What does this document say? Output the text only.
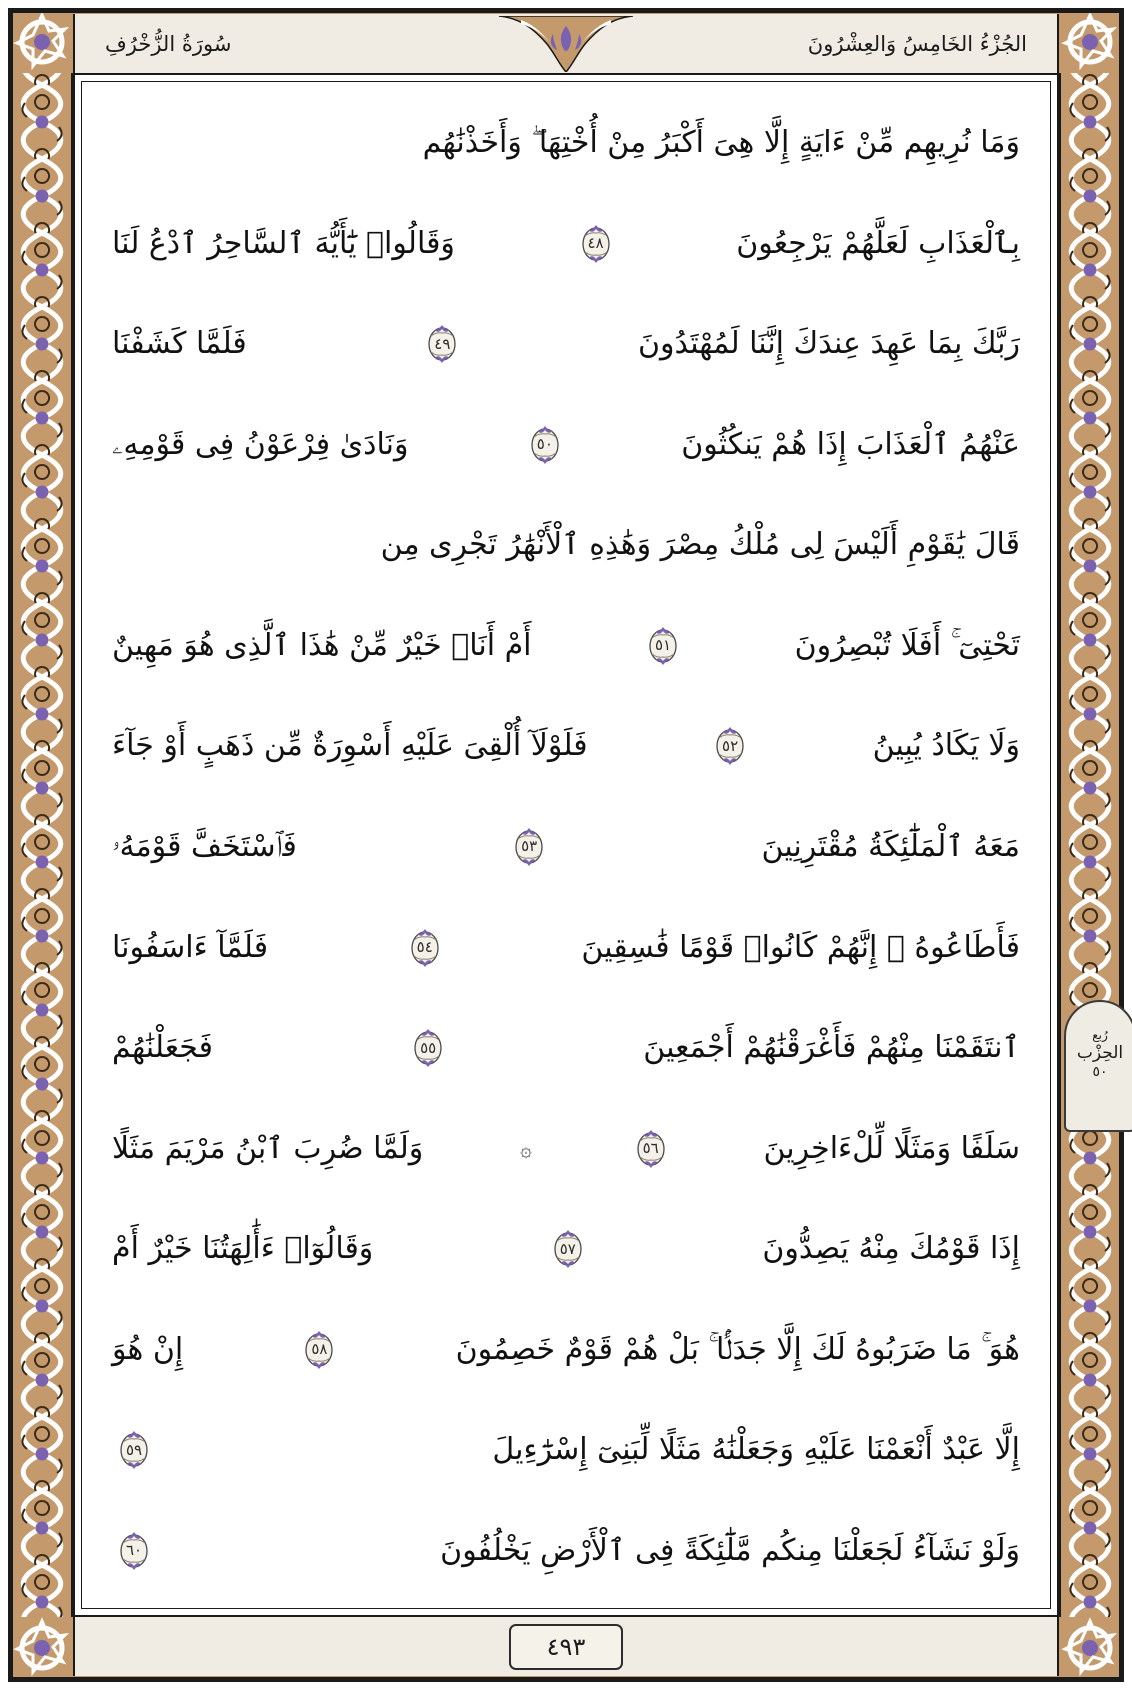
الجُزْءُ الخَامِسُ وَالعِشْرُونَ
سُورَةُ الزُّخْرُفِ
وَمَا نُرِيهِم مِّنْ ءَايَةٍ إِلَّا هِىَ أَكْبَرُ مِنْ أُخْتِهَا ۖ وَأَخَذْنَٰهُم
بِٱلْعَذَابِ لَعَلَّهُمْ يَرْجِعُونَ
٤٨
وَقَالُوا۟ يَٰٓأَيُّهَ ٱلسَّاحِرُ ٱدْعُ لَنَا
رَبَّكَ بِمَا عَهِدَ عِندَكَ إِنَّنَا لَمُهْتَدُونَ
٤٩
فَلَمَّا كَشَفْنَا
عَنْهُمُ ٱلْعَذَابَ إِذَا هُمْ يَنكُثُونَ
٥٠
وَنَادَىٰ فِرْعَوْنُ فِى قَوْمِهِۦ
قَالَ يَٰقَوْمِ أَلَيْسَ لِى مُلْكُ مِصْرَ وَهَٰذِهِ ٱلْأَنْهَٰرُ تَجْرِى مِن
تَحْتِىٓ ۚ أَفَلَا تُبْصِرُونَ
٥١
أَمْ أَنَا۠ خَيْرٌ مِّنْ هَٰذَا ٱلَّذِى هُوَ مَهِينٌ
وَلَا يَكَادُ يُبِينُ
٥٢
فَلَوْلَآ أُلْقِىَ عَلَيْهِ أَسْوِرَةٌ مِّن ذَهَبٍ أَوْ جَآءَ
مَعَهُ ٱلْمَلَٰٓئِكَةُ مُقْتَرِنِينَ
٥٣
فَٱسْتَخَفَّ قَوْمَهُۥ
فَأَطَاعُوهُ ۚ إِنَّهُمْ كَانُوا۟ قَوْمًا فَٰسِقِينَ
٥٤
فَلَمَّآ ءَاسَفُونَا
ٱنتَقَمْنَا مِنْهُمْ فَأَغْرَقْنَٰهُمْ أَجْمَعِينَ
٥٥
فَجَعَلْنَٰهُمْ
سَلَفًا وَمَثَلًا لِّلْءَاخِرِينَ
٥٦
۞
وَلَمَّا ضُرِبَ ٱبْنُ مَرْيَمَ مَثَلًا
إِذَا قَوْمُكَ مِنْهُ يَصِدُّونَ
٥٧
وَقَالُوٓا۟ ءَأَٰلِهَتُنَا خَيْرٌ أَمْ
هُوَ ۚ مَا ضَرَبُوهُ لَكَ إِلَّا جَدَلًۢا ۚ بَلْ هُمْ قَوْمٌ خَصِمُونَ
٥٨
إِنْ هُوَ
إِلَّا عَبْدٌ أَنْعَمْنَا عَلَيْهِ وَجَعَلْنَٰهُ مَثَلًا لِّبَنِىٓ إِسْرَٰٓءِيلَ
٥٩
وَلَوْ نَشَآءُ لَجَعَلْنَا مِنكُم مَّلَٰٓئِكَةً فِى ٱلْأَرْضِ يَخْلُفُونَ
٦٠
رُبع
الحِزْب
٥٠
٤٩٣
